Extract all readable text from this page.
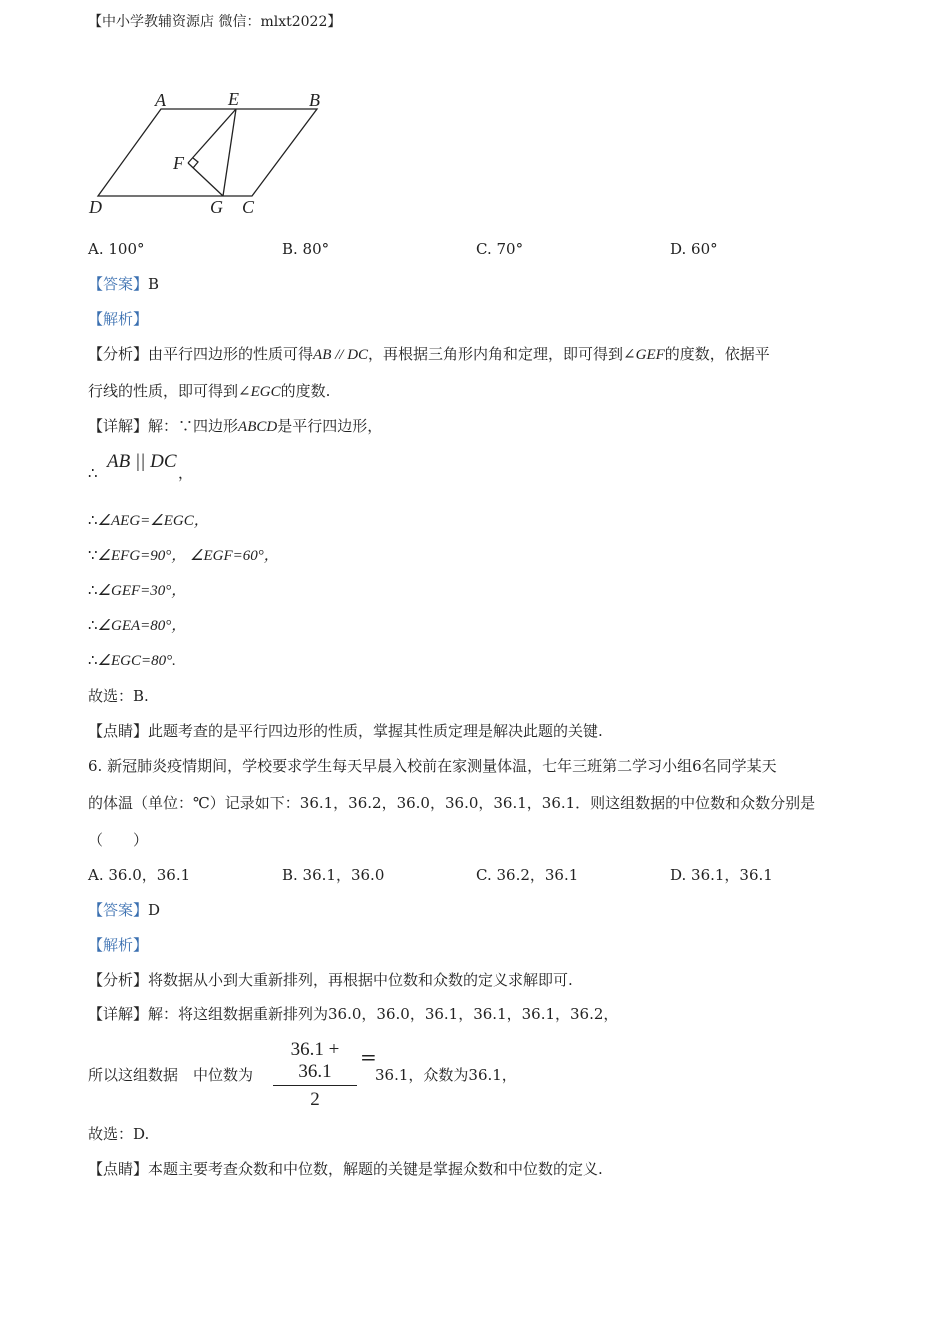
【中小学教辅资源店 微信：mlxt2022】
A	E	B
F
D	G C
A. 100°	B. 80°	C. 70°	D. 60°
【答案】B
【解析】
【分析】由平行四边形的性质可得AB // DC，再根据三角形内角和定理，即可得到∠GEF的度数，依据平
行线的性质，即可得到∠EGC的度数.
【详解】解：∵四边形ABCD是平行四边形，
∴
AB || DC
，
∴∠AEG=∠EGC，
∵∠EFG=90°， ∠EGF=60°，
∴∠GEF=30°，
∴∠GEA=80°，
∴∠EGC=80°.
故选：B.
【点睛】此题考查的是平行四边形的性质，掌握其性质定理是解决此题的关键.
6. 新冠肺炎疫情期间，学校要求学生每天早晨入校前在家测量体温，七年三班第二学习小组6名同学某天
的体温（单位：℃）记录如下：36.1，36.2，36.0，36.0，36.1，36.1．则这组数据的中位数和众数分别是
（　　）
A. 36.0，36.1	B. 36.1，36.0	C. 36.2，36.1	D. 36.1，36.1
【答案】D
【解析】
【分析】将数据从小到大重新排列，再根据中位数和众数的定义求解即可.
【详解】解：将这组数据重新排列为36.0，36.0，36.1，36.1，36.1，36.2，
所以这组数据　中位数为 $\frac{36.1 + 36.1}{2}$ =
36.1，众数为36.1，
故选：D.
【点睛】本题主要考查众数和中位数，解题的关键是掌握众数和中位数的定义.
